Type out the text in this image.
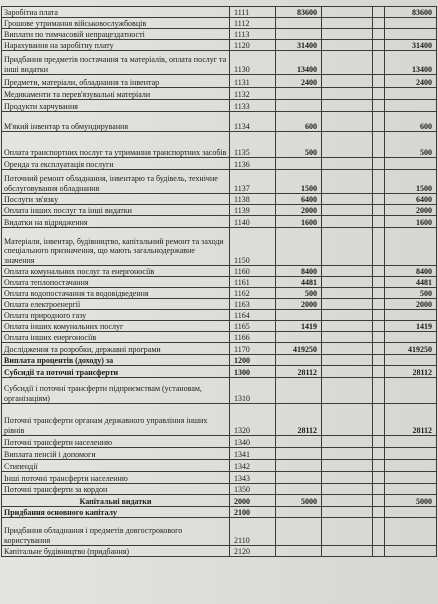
Заробітна плата	1111	83600			83600
Грошове утримання військовослужбовців	1112				
Виплати по тимчасовій непрацездатності	1113				
Нарахування на заробітну плату	1120	31400			31400
Придбання предметів постачання та матеріалів, оплата послуг та інші видатки	1130	13400			13400
Предмети, матеріали, обладнання та інвентар	1131	2400			2400
Медикаменти та перев'язувальні матеріали	1132				
Продукти харчування	1133				
М'який інвентар та обмундирування	1134	600			600
Оплата транспортних послуг та утримання транспортних засобів	1135	500			500
Оренда та експлуатація послуги	1136				
Поточний ремонт обладнання, інвентарю та будівель, технічне обслуговування обладнання	1137	1500			1500
Послуги зв'язку	1138	6400			6400
Оплата інших послуг та інші видатки	1139	2000			2000
Видатки на відрядження	1140	1600			1600
Матеріали, інвентар, будівництво, капітальний ремонт та заходи спеціального призначення, що мають загальнодержавне значення	1150				
Оплата комунальних послуг та енергоносіїв	1160	8400			8400
Оплата теплопостачання	1161	4481			4481
Оплата водопостачання та водовідведення	1162	500			500
Оплата електроенергії	1163	2000			2000
Оплата природного газу	1164				
Оплата інших комунальних послуг	1165	1419			1419
Оплата інших енергоносіїв	1166				
Дослідження та розробки, державні програми	1170	419250			419250
Виплата процентів (доходу) за	1200				
Субсидії та поточні трансферти	1300	28112			28112
Субсидії і поточні трансферти підприємствам (установам, організаціям)	1310				
Поточні трансферти органам державного управління інших рівнів	1320	28112			28112
Поточні трансферти населенню	1340				
Виплата пенсій і допомоги	1341				
Стипендії	1342				
Інші поточні трансферти населенню	1343				
Поточні трансферти за кордон	1350				
Капітальні видатки	2000	5000			5000
Придбання основного капіталу	2100				
Придбання обладнання і предметів довгострокового користування	2110				
Капітальне будівництво (придбання)	2120				
